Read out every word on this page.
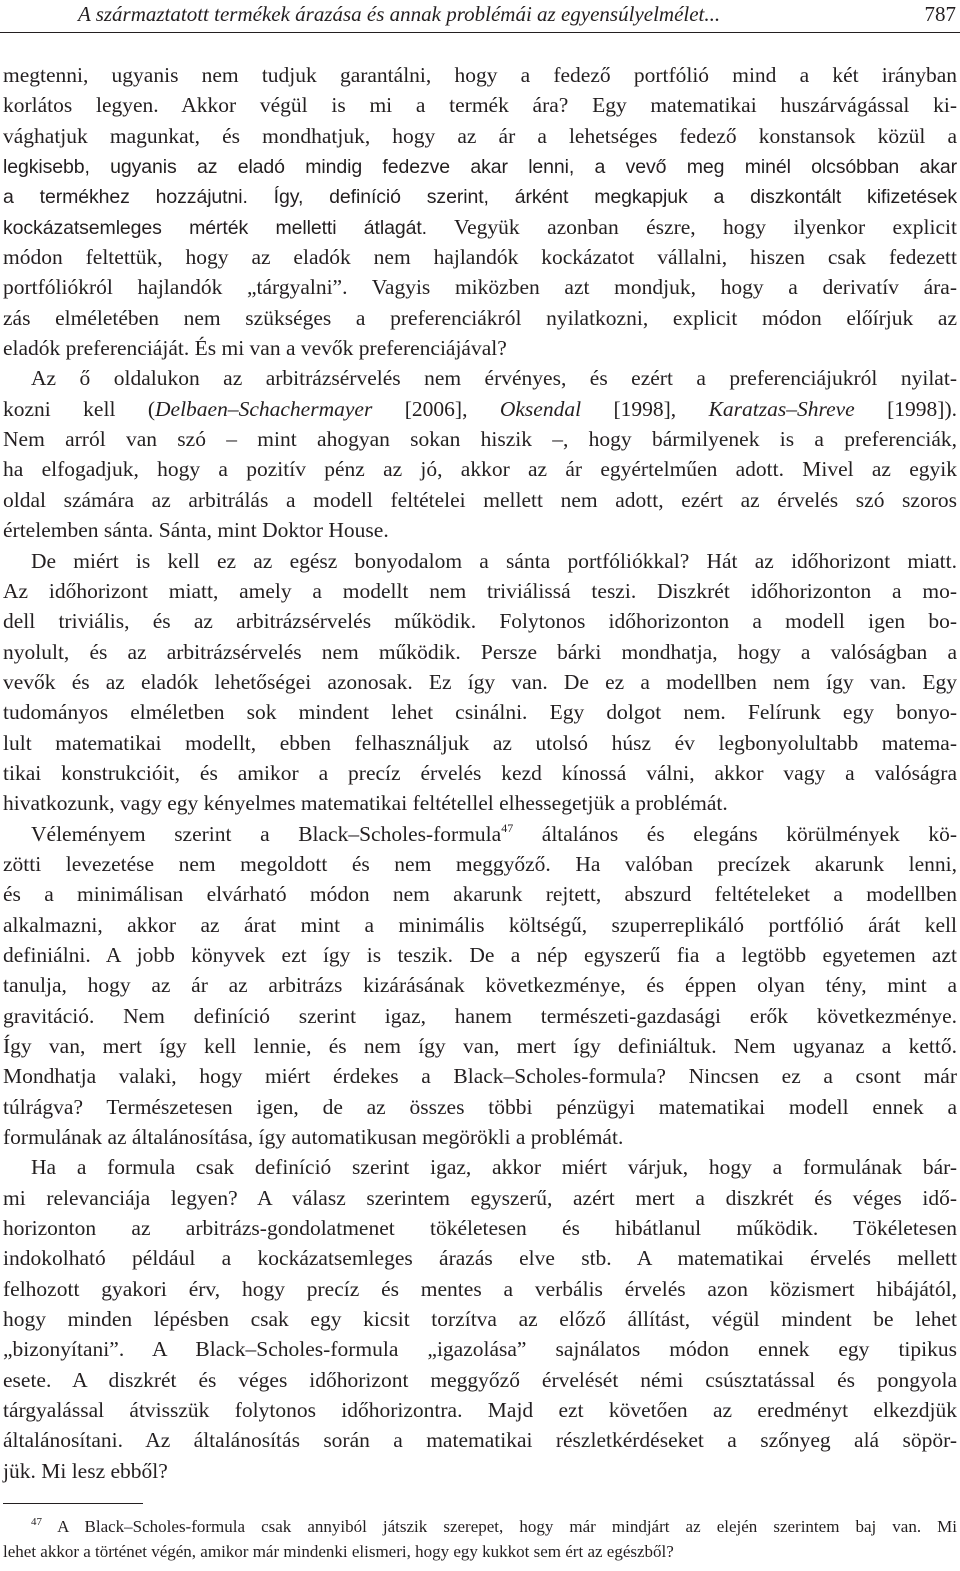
A származtatott termékek árazása és annak problémái az egyensúlyelmélet...	787
megtenni, ugyanis nem tudjuk garantálni, hogy a fedező portfólió mind a két irányban
korlátos legyen. Akkor végül is mi a termék ára? Egy matematikai huszárvágással ki-
vághatjuk magunkat, és mondhatjuk, hogy az ár a lehetséges fedező konstansok közül a
legkisebb, ugyanis az eladó mindig fedezve akar lenni, a vevő meg minél olcsóbban akar
a termékhez hozzájutni. Így, definíció szerint, árként megkapjuk a diszkontált kifizetések
kockázatsemleges mérték melletti átlagát. Vegyük azonban észre, hogy ilyenkor explicit
módon feltettük, hogy az eladók nem hajlandók kockázatot vállalni, hiszen csak fedezett
portfóliókról hajlandók „tárgyalni”. Vagyis miközben azt mondjuk, hogy a derivatív ára-
zás elméletében nem szükséges a preferenciákról nyilatkozni, explicit módon előírjuk az
eladók preferenciáját. És mi van a vevők preferenciájával?
Az ő oldalukon az arbitrázsérvelés nem érvényes, és ezért a preferenciájukról nyilat-
kozni kell (Delbaen–Schachermayer [2006], Oksendal [1998], Karatzas–Shreve [1998]).
Nem arról van szó – mint ahogyan sokan hiszik –, hogy bármilyenek is a preferenciák,
ha elfogadjuk, hogy a pozitív pénz az jó, akkor az ár egyértelműen adott. Mivel az egyik
oldal számára az arbitrálás a modell feltételei mellett nem adott, ezért az érvelés szó szoros
értelemben sánta. Sánta, mint Doktor House.
De miért is kell ez az egész bonyodalom a sánta portfóliókkal? Hát az időhorizont miatt.
Az időhorizont miatt, amely a modellt nem triviálissá teszi. Diszkrét időhorizonton a mo-
dell triviális, és az arbitrázsérvelés működik. Folytonos időhorizonton a modell igen bo-
nyolult, és az arbitrázsérvelés nem működik. Persze bárki mondhatja, hogy a valóságban a
vevők és az eladók lehetőségei azonosak. Ez így van. De ez a modellben nem így van. Egy
tudományos elméletben sok mindent lehet csinálni. Egy dolgot nem. Felírunk egy bonyo-
lult matematikai modellt, ebben felhasználjuk az utolsó húsz év legbonyolultabb matema-
tikai konstrukcióit, és amikor a precíz érvelés kezd kínossá válni, akkor vagy a valóságra
hivatkozunk, vagy egy kényelmes matematikai feltétellel elhessegetjük a problémát.
Véleményem szerint a Black–Scholes-formula$^{47}$ általános és elegáns körülmények kö-
zötti levezetése nem megoldott és nem meggyőző. Ha valóban precízek akarunk lenni,
és a minimálisan elvárható módon nem akarunk rejtett, abszurd feltételeket a modellben
alkalmazni, akkor az árat mint a minimális költségű, szuperreplikáló portfólió árát kell
definiálni. A jobb könyvek ezt így is teszik. De a nép egyszerű fia a legtöbb egyetemen azt
tanulja, hogy az ár az arbitrázs kizárásának következménye, és éppen olyan tény, mint a
gravitáció. Nem definíció szerint igaz, hanem természeti-gazdasági erők következménye.
Így van, mert így kell lennie, és nem így van, mert így definiáltuk. Nem ugyanaz a kettő.
Mondhatja valaki, hogy miért érdekes a Black–Scholes-formula? Nincsen ez a csont már
túlrágva? Természetesen igen, de az összes többi pénzügyi matematikai modell ennek a
formulának az általánosítása, így automatikusan megörökli a problémát.
Ha a formula csak definíció szerint igaz, akkor miért várjuk, hogy a formulának bár-
mi relevanciája legyen? A válasz szerintem egyszerű, azért mert a diszkrét és véges idő-
horizonton az arbitrázs-gondolatmenet tökéletesen és hibátlanul működik. Tökéletesen
indokolható például a kockázatsemleges árazás elve stb. A matematikai érvelés mellett
felhozott gyakori érv, hogy precíz és mentes a verbális érvelés azon közismert hibájától,
hogy minden lépésben csak egy kicsit torzítva az előző állítást, végül mindent be lehet
„bizonyítani”. A Black–Scholes-formula „igazolása” sajnálatos módon ennek egy tipikus
esete. A diszkrét és véges időhorizont meggyőző érvelését némi csúsztatással és pongyola
tárgyalással átvisszük folytonos időhorizontra. Majd ezt követően az eredményt elkezdjük
általánosítani. Az általánosítás során a matematikai részletkérdéseket a szőnyeg alá söpör-
jük. Mi lesz ebből?
$^{47}$ A Black–Scholes-formula csak annyiból játszik szerepet, hogy már mindjárt az elején szerintem baj van. Mi
lehet akkor a történet végén, amikor már mindenki elismeri, hogy egy kukkot sem ért az egészből?
